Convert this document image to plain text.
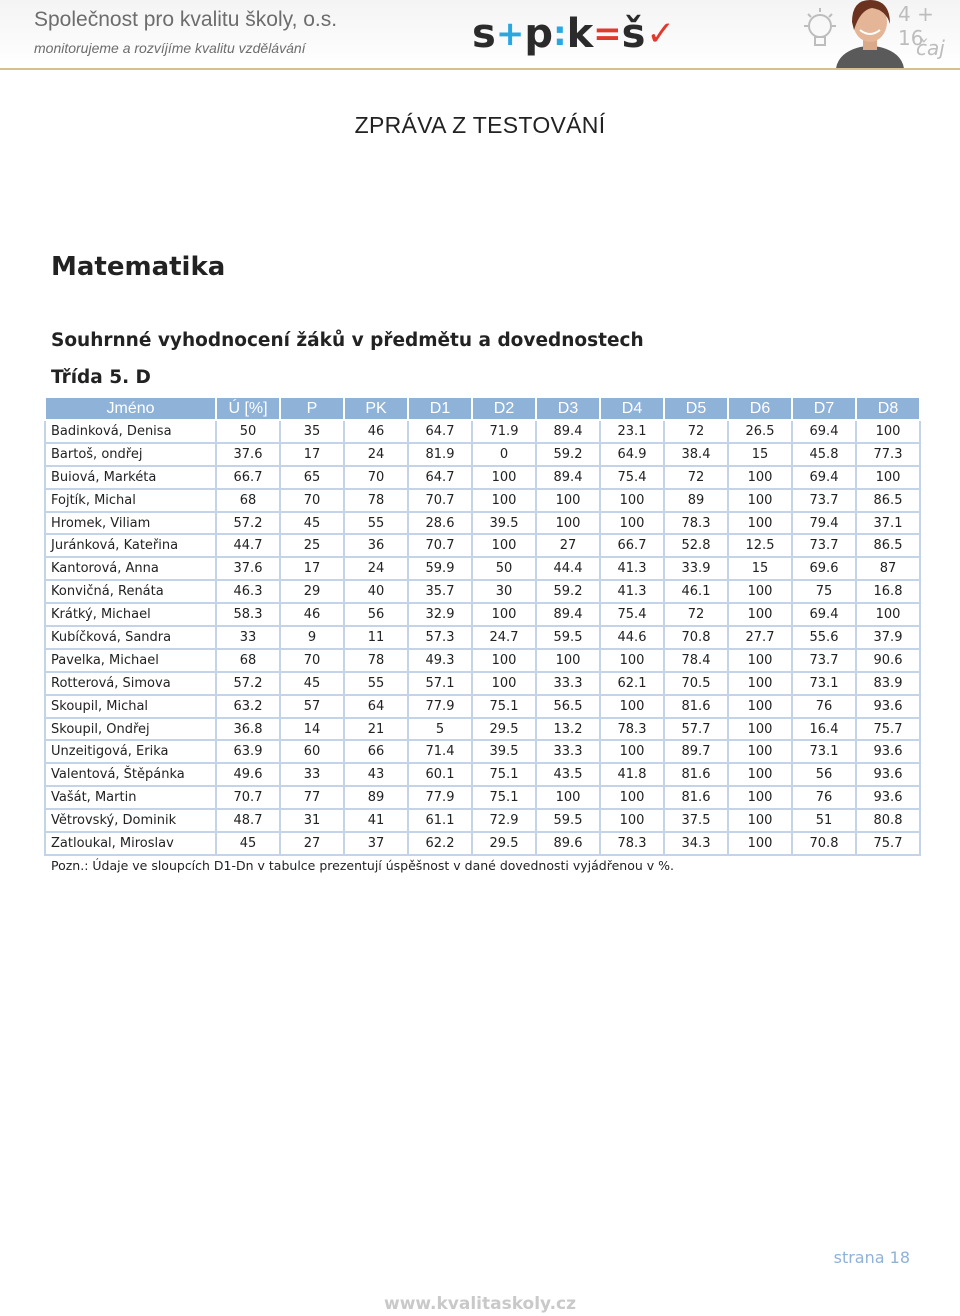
Společnost pro kvalitu školy, o.s.
monitorujeme a rozvíjíme kvalitu vzdělávání	s + p : k = š ✓	4 + 16
čaj
ZPRÁVA Z TESTOVÁNÍ
Matematika
Souhrnné vyhodnocení žáků v předmětu a dovednostech
Třída 5. D
Jméno	Ú [%]	P	PK	D1	D2	D3	D4	D5	D6	D7	D8
Badinková, Denisa	50	35	46	64.7	71.9	89.4	23.1	72	26.5	69.4	100
Bartoš, ondřej	37.6	17	24	81.9	0	59.2	64.9	38.4	15	45.8	77.3
Buiová, Markéta	66.7	65	70	64.7	100	89.4	75.4	72	100	69.4	100
Fojtík, Michal	68	70	78	70.7	100	100	100	89	100	73.7	86.5
Hromek, Viliam	57.2	45	55	28.6	39.5	100	100	78.3	100	79.4	37.1
Juránková, Kateřina	44.7	25	36	70.7	100	27	66.7	52.8	12.5	73.7	86.5
Kantorová, Anna	37.6	17	24	59.9	50	44.4	41.3	33.9	15	69.6	87
Konvičná, Renáta	46.3	29	40	35.7	30	59.2	41.3	46.1	100	75	16.8
Krátký, Michael	58.3	46	56	32.9	100	89.4	75.4	72	100	69.4	100
Kubíčková, Sandra	33	9	11	57.3	24.7	59.5	44.6	70.8	27.7	55.6	37.9
Pavelka, Michael	68	70	78	49.3	100	100	100	78.4	100	73.7	90.6
Rotterová, Simova	57.2	45	55	57.1	100	33.3	62.1	70.5	100	73.1	83.9
Skoupil, Michal	63.2	57	64	77.9	75.1	56.5	100	81.6	100	76	93.6
Skoupil, Ondřej	36.8	14	21	5	29.5	13.2	78.3	57.7	100	16.4	75.7
Unzeitigová, Erika	63.9	60	66	71.4	39.5	33.3	100	89.7	100	73.1	93.6
Valentová, Štěpánka	49.6	33	43	60.1	75.1	43.5	41.8	81.6	100	56	93.6
Vašát, Martin	70.7	77	89	77.9	75.1	100	100	81.6	100	76	93.6
Větrovský, Dominik	48.7	31	41	61.1	72.9	59.5	100	37.5	100	51	80.8
Zatloukal, Miroslav	45	27	37	62.2	29.5	89.6	78.3	34.3	100	70.8	75.7
Pozn.: Údaje ve sloupcích D1-Dn v tabulce prezentují úspěšnost v dané dovednosti vyjádřenou v %.
strana 18
www.kvalitaskoly.cz
